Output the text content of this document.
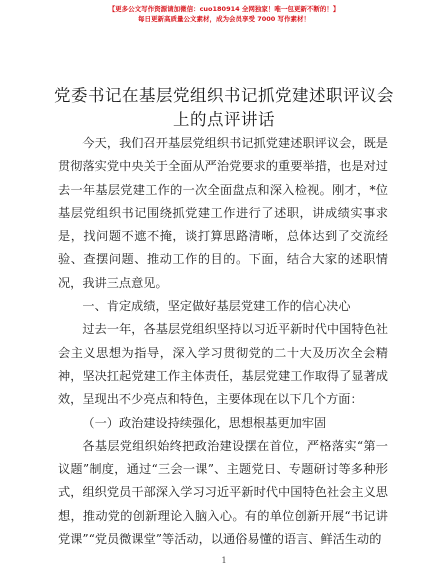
【更多公文写作资源请加微信：cuo180914 全网独家！唯一包更新不断的！】
每日更新高质量公文素材，成为会员享受 7000 写作素材！
党委书记在基层党组织书记抓党建述职评议会
上的点评讲话

今天，我们召开基层党组织书记抓党建述职评议会，既是贯彻落实党中央关于全面从严治党要求的重要举措，也是对过去一年基层党建工作的一次全面盘点和深入检视。刚才，*位基层党组织书记围绕抓党建工作进行了述职，讲成绩实事求是，找问题不遮不掩，谈打算思路清晰，总体达到了交流经验、查摆问题、推动工作的目的。下面，结合大家的述职情况，我讲三点意见。

一、肯定成绩，坚定做好基层党建工作的信心决心

过去一年，各基层党组织坚持以习近平新时代中国特色社会主义思想为指导，深入学习贯彻党的二十大及历次全会精神，坚决扛起党建工作主体责任，基层党建工作取得了显著成效，呈现出不少亮点和特色，主要体现在以下几个方面：

（一）政治建设持续强化，思想根基更加牢固

各基层党组织始终把政治建设摆在首位，严格落实“第一议题”制度，通过“三会一课”、主题党日、专题研讨等多种形式，组织党员干部深入学习习近平新时代中国特色社会主义思想，推动党的创新理论入脑入心。有的单位创新开展“书记讲党课”“党员微课堂”等活动，以通俗易懂的语言、鲜活生动的

1
